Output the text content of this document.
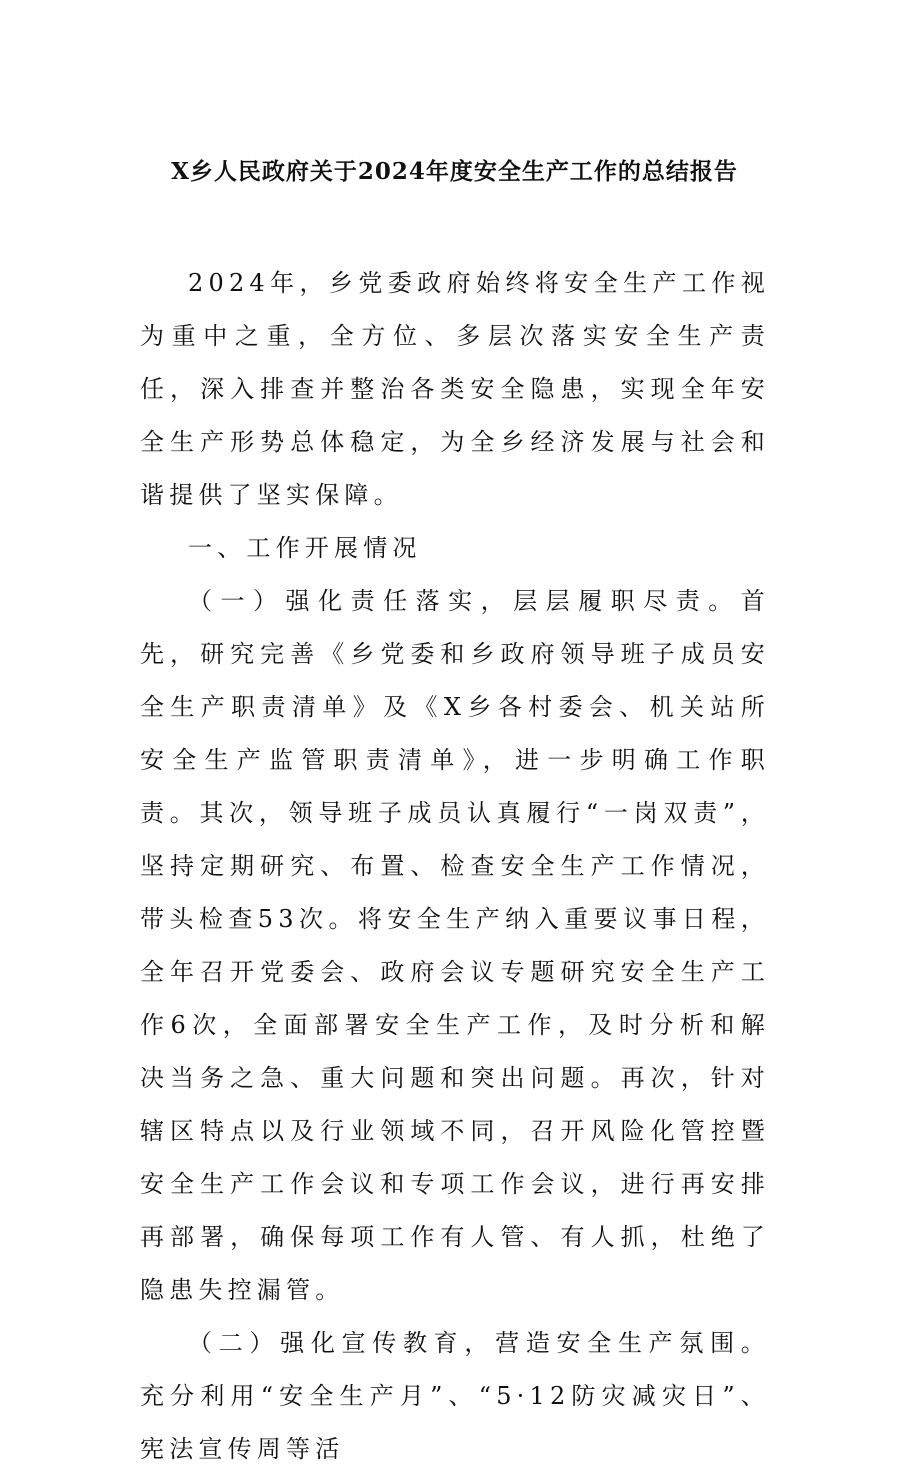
X乡人民政府关于2024年度安全生产工作的总结报告

2024年，乡党委政府始终将安全生产工作视为重中之重，全方位、多层次落实安全生产责任，深入排查并整治各类安全隐患，实现全年安全生产形势总体稳定，为全乡经济发展与社会和谐提供了坚实保障。

一、工作开展情况

（一）强化责任落实，层层履职尽责。首先，研究完善《乡党委和乡政府领导班子成员安全生产职责清单》及《X乡各村委会、机关站所安全生产监管职责清单》，进一步明确工作职责。其次，领导班子成员认真履行“一岗双责”，坚持定期研究、布置、检查安全生产工作情况，带头检查53次。将安全生产纳入重要议事日程，全年召开党委会、政府会议专题研究安全生产工作6次，全面部署安全生产工作，及时分析和解决当务之急、重大问题和突出问题。再次，针对辖区特点以及行业领域不同，召开风险化管控暨安全生产工作会议和专项工作会议，进行再安排再部署，确保每项工作有人管、有人抓，杜绝了隐患失控漏管。

（二）强化宣传教育，营造安全生产氛围。充分利用“安全生产月”、“5·12防灾减灾日”、宪法宣传周等活
